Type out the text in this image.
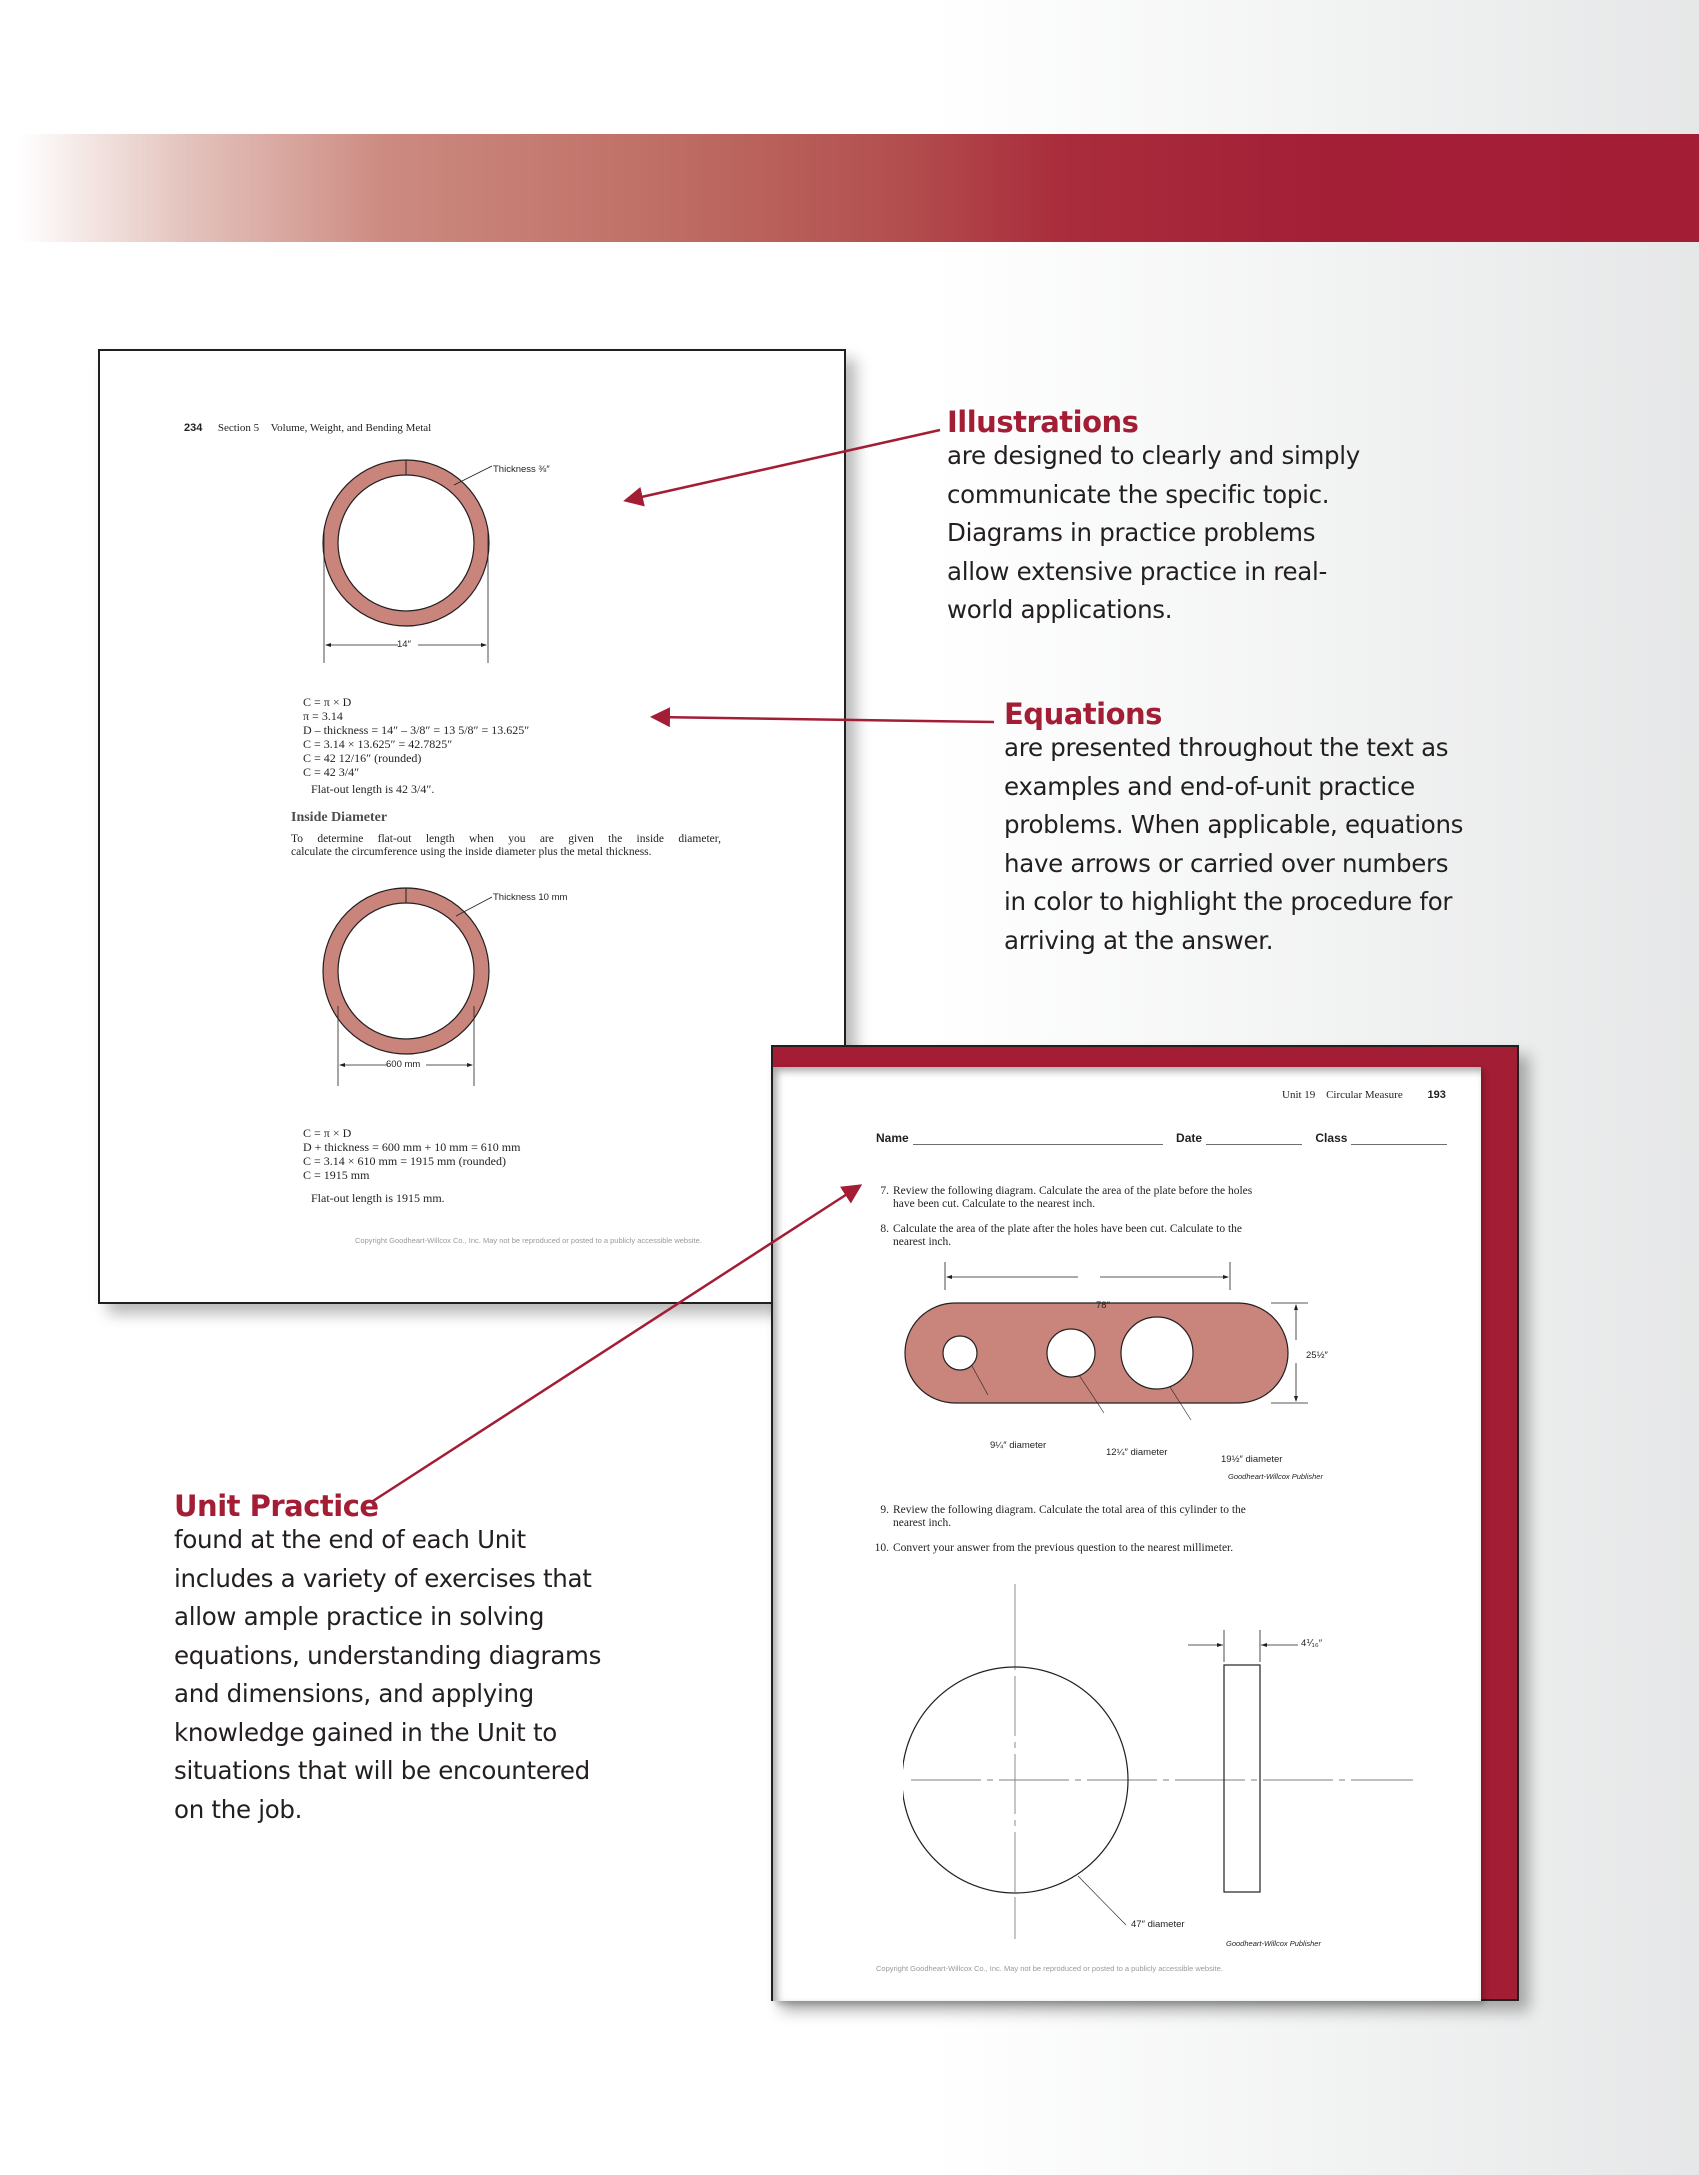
234 Section 5 Volume, Weight, and Bending Metal
Thickness ⅜″
14″
C = π × D
π = 3.14
D – thickness = 14″ – 3/8″ = 13 5/8″ = 13.625″
C = 3.14 × 13.625″ = 42.7825″
C = 42 12/16″ (rounded)
C = 42 3/4″
Flat-out length is 42 3/4″.
Inside Diameter
To determine flat-out length when you are given the inside diameter,
calculate the circumference using the inside diameter plus the metal thickness.
Thickness 10 mm
600 mm
C = π × D
D + thickness = 600 mm + 10 mm = 610 mm
C = 3.14 × 610 mm = 1915 mm (rounded)
C = 1915 mm
Flat-out length is 1915 mm.
Copyright Goodheart-Willcox Co., Inc. May not be reproduced or posted to a publicly accessible website.
Unit 19 Circular Measure 193
Name	Date	Class
7. Review the following diagram. Calculate the area of the plate before the holes
have been cut. Calculate to the nearest inch.
8. Calculate the area of the plate after the holes have been cut. Calculate to the
nearest inch.
78″
25½″
9¼″ diameter
12¼″ diameter
19½″ diameter
Goodheart-Willcox Publisher
9. Review the following diagram. Calculate the total area of this cylinder to the
nearest inch.
10. Convert your answer from the previous question to the nearest millimeter.
4⅟₁₆″
47″ diameter
Goodheart-Willcox Publisher
Copyright Goodheart-Willcox Co., Inc. May not be reproduced or posted to a publicly accessible website.
Illustrations
are designed to clearly and simply
communicate the specific topic.
Diagrams in practice problems
allow extensive practice in real-
world applications.
Equations
are presented throughout the text as
examples and end-of-unit practice
problems. When applicable, equations
have arrows or carried over numbers
in color to highlight the procedure for
arriving at the answer.
Unit Practice
found at the end of each Unit
includes a variety of exercises that
allow ample practice in solving
equations, understanding diagrams
and dimensions, and applying
knowledge gained in the Unit to
situations that will be encountered
on the job.
